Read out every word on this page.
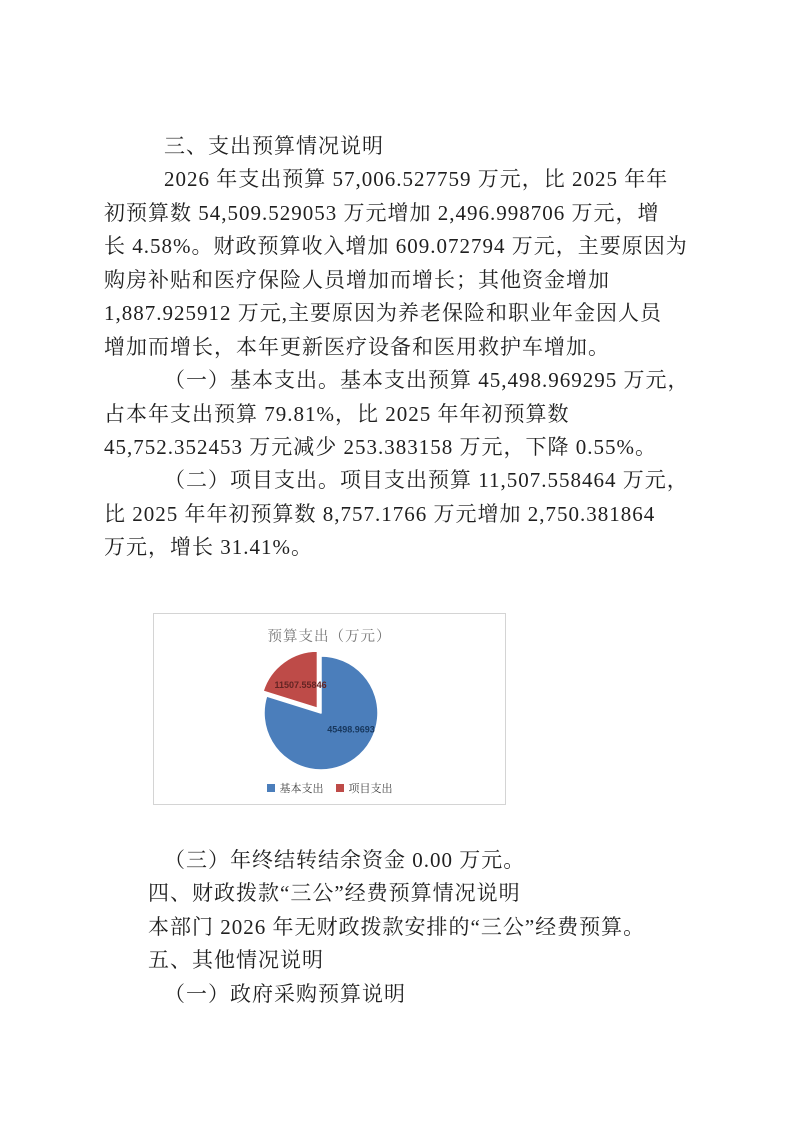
三、支出预算情况说明
2026 年支出预算 57,006.527759 万元，比 2025 年年
初预算数 54,509.529053 万元增加 2,496.998706 万元，增
长 4.58%。财政预算收入增加 609.072794 万元，主要原因为
购房补贴和医疗保险人员增加而增长；其他资金增加
1,887.925912 万元,主要原因为养老保险和职业年金因人员
增加而增长，本年更新医疗设备和医用救护车增加。
（一）基本支出。基本支出预算 45,498.969295 万元，
占本年支出预算 79.81%，比 2025 年年初预算数
45,752.352453 万元减少 253.383158 万元，下降 0.55%。
（二）项目支出。项目支出预算 11,507.558464 万元，
比 2025 年年初预算数 8,757.1766 万元增加 2,750.381864
万元，增长 31.41%。
预算支出（万元）
45498.9693
11507.55846
基本支出 项目支出
（三）年终结转结余资金 0.00 万元。
四、财政拨款“三公”经费预算情况说明
本部门 2026 年无财政拨款安排的“三公”经费预算。
五、其他情况说明
（一）政府采购预算说明
